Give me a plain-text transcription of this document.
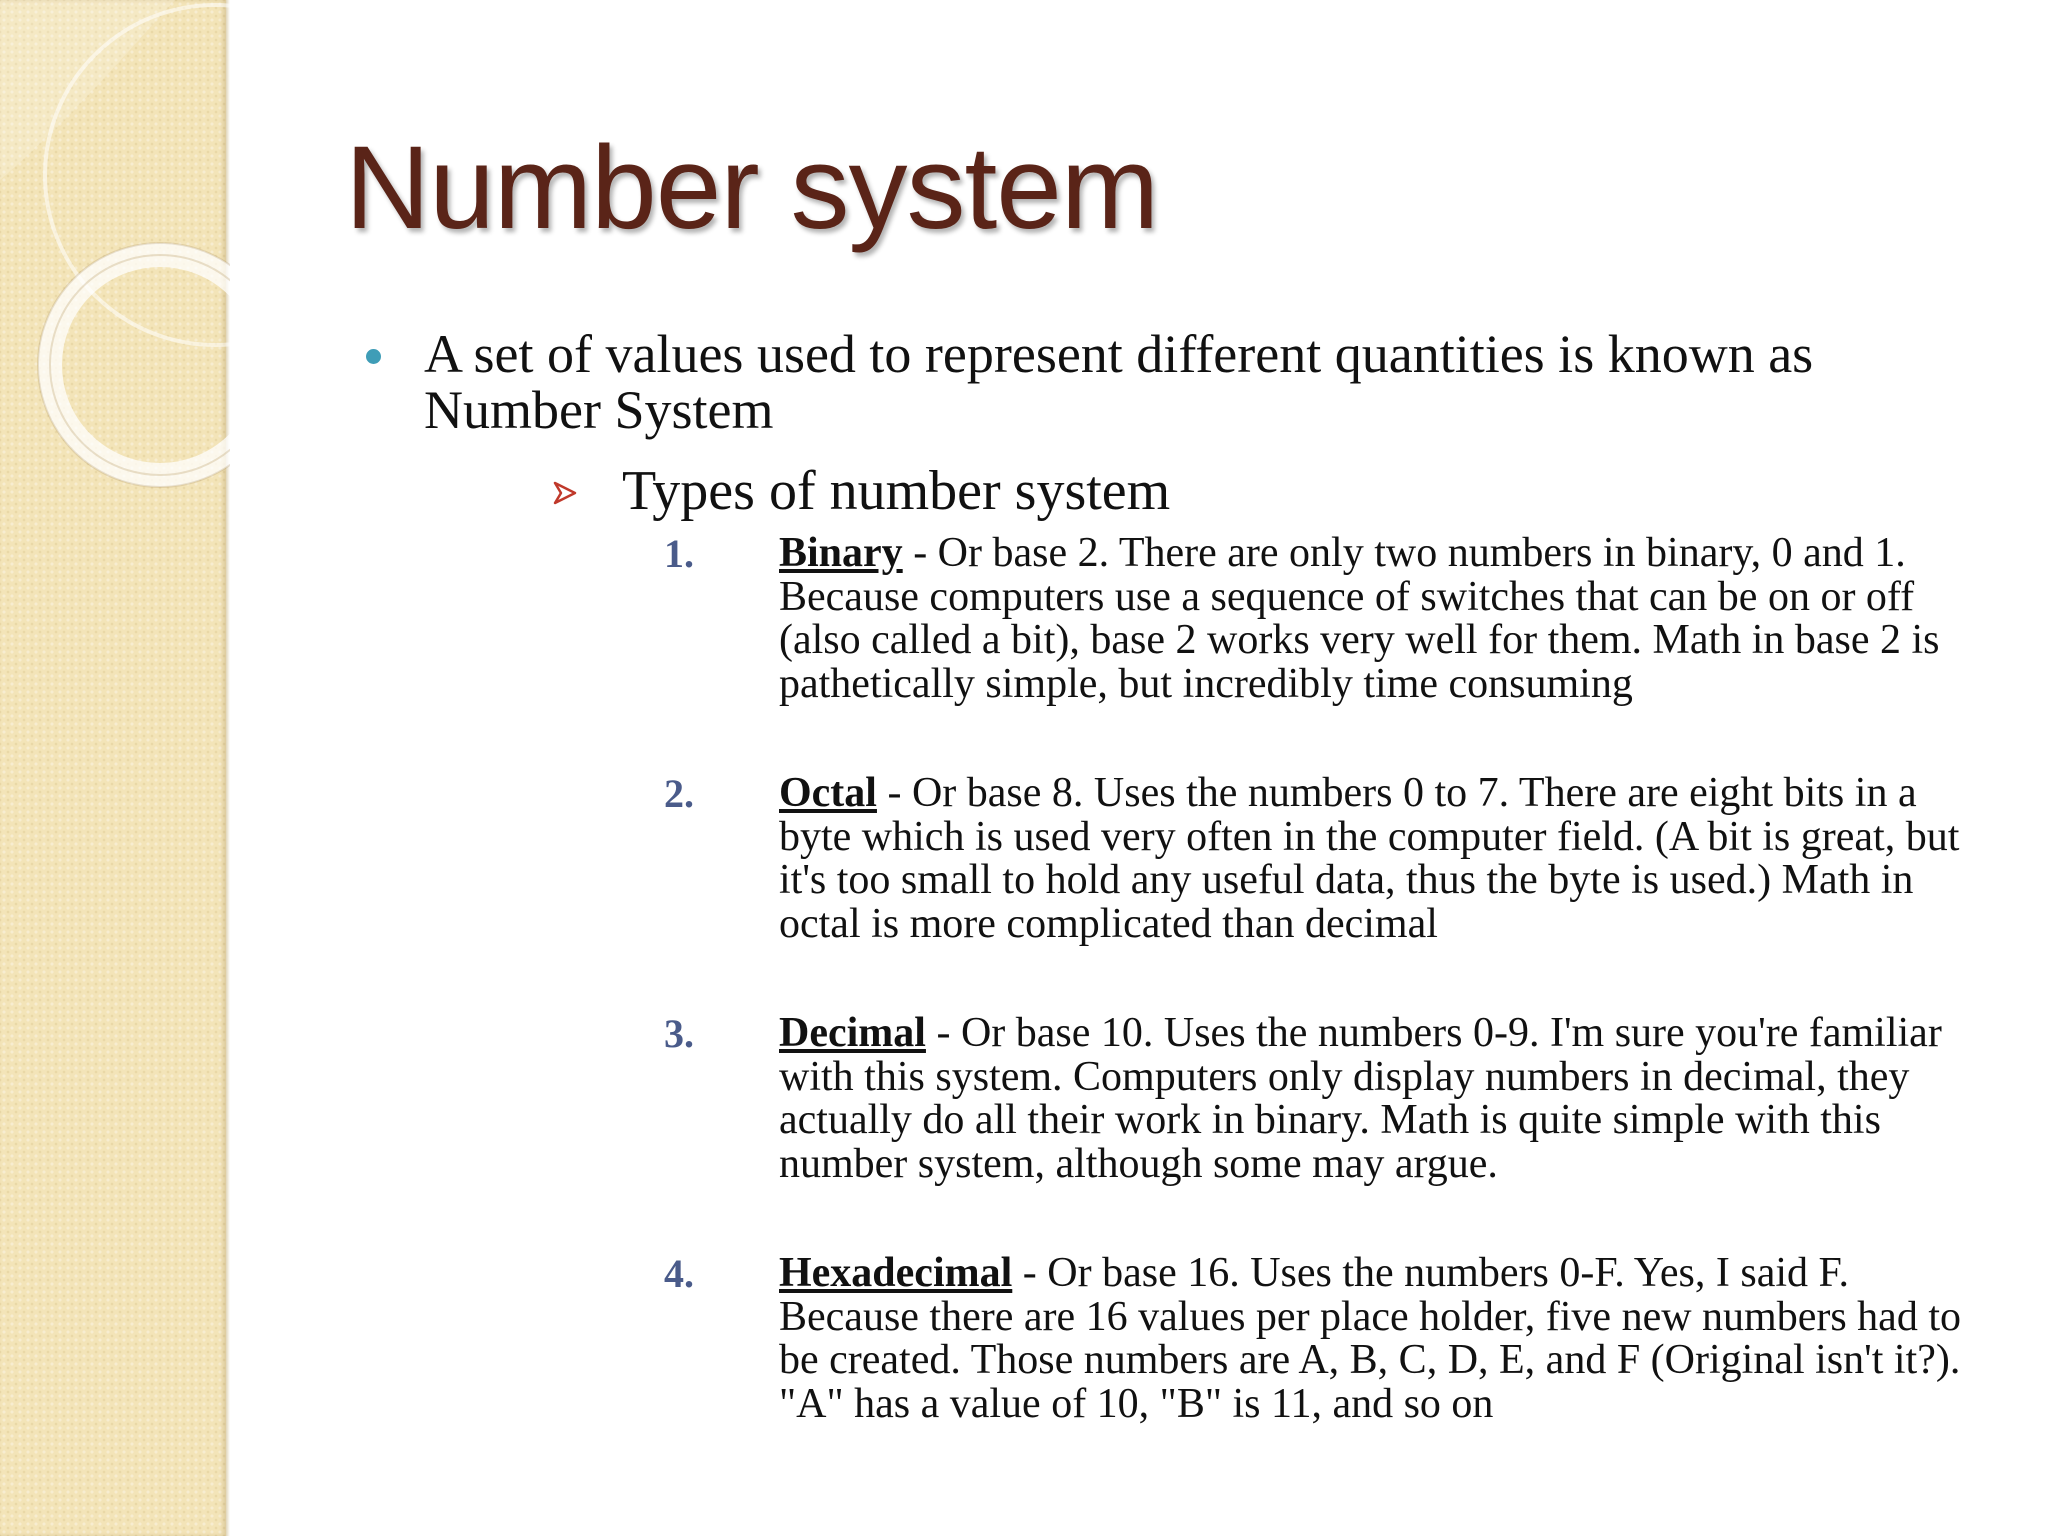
Number system

A set of values used to represent different quantities is known as Number System

Types of number system

1. Binary - Or base 2. There are only two numbers in binary, 0 and 1. Because computers use a sequence of switches that can be on or off (also called a bit), base 2 works very well for them. Math in base 2 is pathetically simple, but incredibly time consuming

2. Octal - Or base 8. Uses the numbers 0 to 7. There are eight bits in a byte which is used very often in the computer field. (A bit is great, but it's too small to hold any useful data, thus the byte is used.) Math in octal is more complicated than decimal

3. Decimal - Or base 10. Uses the numbers 0-9. I'm sure you're familiar with this system. Computers only display numbers in decimal, they actually do all their work in binary. Math is quite simple with this number system, although some may argue.

4. Hexadecimal - Or base 16. Uses the numbers 0-F. Yes, I said F. Because there are 16 values per place holder, five new numbers had to be created. Those numbers are A, B, C, D, E, and F (Original isn't it?). "A" has a value of 10, "B" is 11, and so on
